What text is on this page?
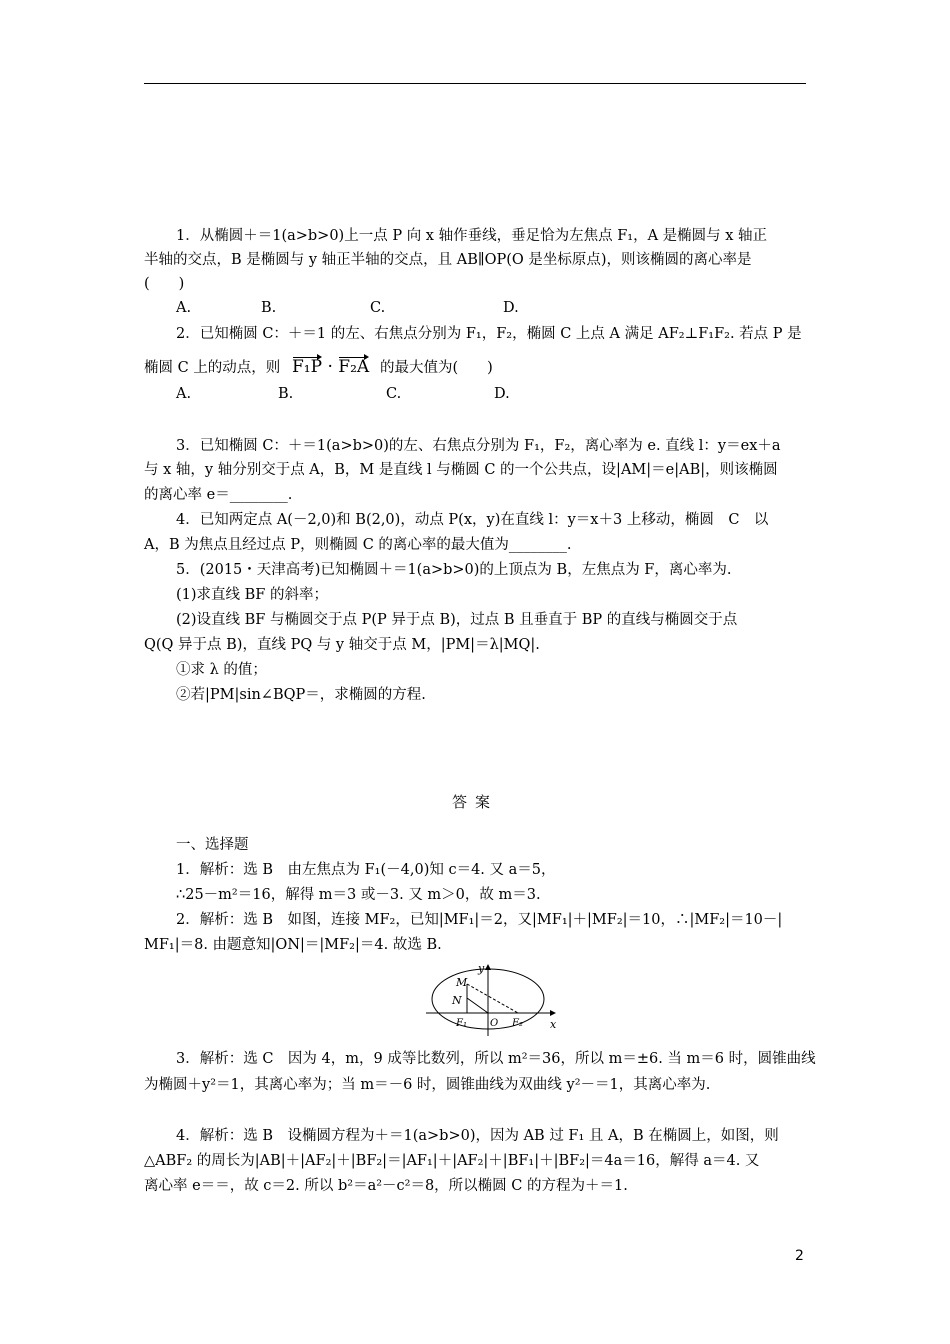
1．从椭圆＋＝1(a>b>0)上一点 P 向 x 轴作垂线，垂足恰为左焦点 F₁，A 是椭圆与 x 轴正
半轴的交点，B 是椭圆与 y 轴正半轴的交点，且 AB∥OP(O 是坐标原点)，则该椭圆的离心率是
(　　)
A.	B.	C.	D.
2．已知椭圆 C：＋＝1 的左、右焦点分别为 F₁，F₂，椭圆 C 上点 A 满足 AF₂⊥F₁F₂. 若点 P 是
椭圆 C 上的动点，则 F₁P · F₂A 的最大值为(　　)
A.	B.	C.	D.
3．已知椭圆 C：＋＝1(a>b>0)的左、右焦点分别为 F₁，F₂，离心率为 e. 直线 l：y＝ex＋a
与 x 轴，y 轴分别交于点 A，B，M 是直线 l 与椭圆 C 的一个公共点，设|AM|＝e|AB|，则该椭圆
的离心率 e＝________.
4．已知两定点 A(－2,0)和 B(2,0)，动点 P(x，y)在直线 l：y＝x＋3 上移动，椭圆　C　以
A，B 为焦点且经过点 P，则椭圆 C 的离心率的最大值为________.
5．(2015・天津高考)已知椭圆＋＝1(a>b>0)的上顶点为 B，左焦点为 F，离心率为.
(1)求直线 BF 的斜率；
(2)设直线 BF 与椭圆交于点 P(P 异于点 B)，过点 B 且垂直于 BP 的直线与椭圆交于点
Q(Q 异于点 B)，直线 PQ 与 y 轴交于点 M，|PM|＝λ|MQ|.
①求 λ 的值；
②若|PM|sin∠BQP＝，求椭圆的方程.
答案
一、选择题
1．解析：选 B　由左焦点为 F₁(－4,0)知 c＝4. 又 a＝5，
∴25－m²＝16，解得 m＝3 或－3. 又 m＞0，故 m＝3.
2．解析：选 B　如图，连接 MF₂，已知|MF₁|＝2，又|MF₁|＋|MF₂|＝10，∴|MF₂|＝10－|
MF₁|＝8. 由题意知|ON|＝|MF₂|＝4. 故选 B.
y
x
M
N
F₁ O F₂
3．解析：选 C　因为 4，m，9 成等比数列，所以 m²＝36，所以 m＝±6. 当 m＝6 时，圆锥曲线
为椭圆＋y²＝1，其离心率为；当 m＝－6 时，圆锥曲线为双曲线 y²－＝1，其离心率为.
4．解析：选 B　设椭圆方程为＋＝1(a>b>0)，因为 AB 过 F₁ 且 A，B 在椭圆上，如图，则
△ABF₂ 的周长为|AB|＋|AF₂|＋|BF₂|＝|AF₁|＋|AF₂|＋|BF₁|＋|BF₂|＝4a＝16，解得 a＝4. 又
离心率 e＝＝，故 c＝2. 所以 b²＝a²－c²＝8，所以椭圆 C 的方程为＋＝1.
2
